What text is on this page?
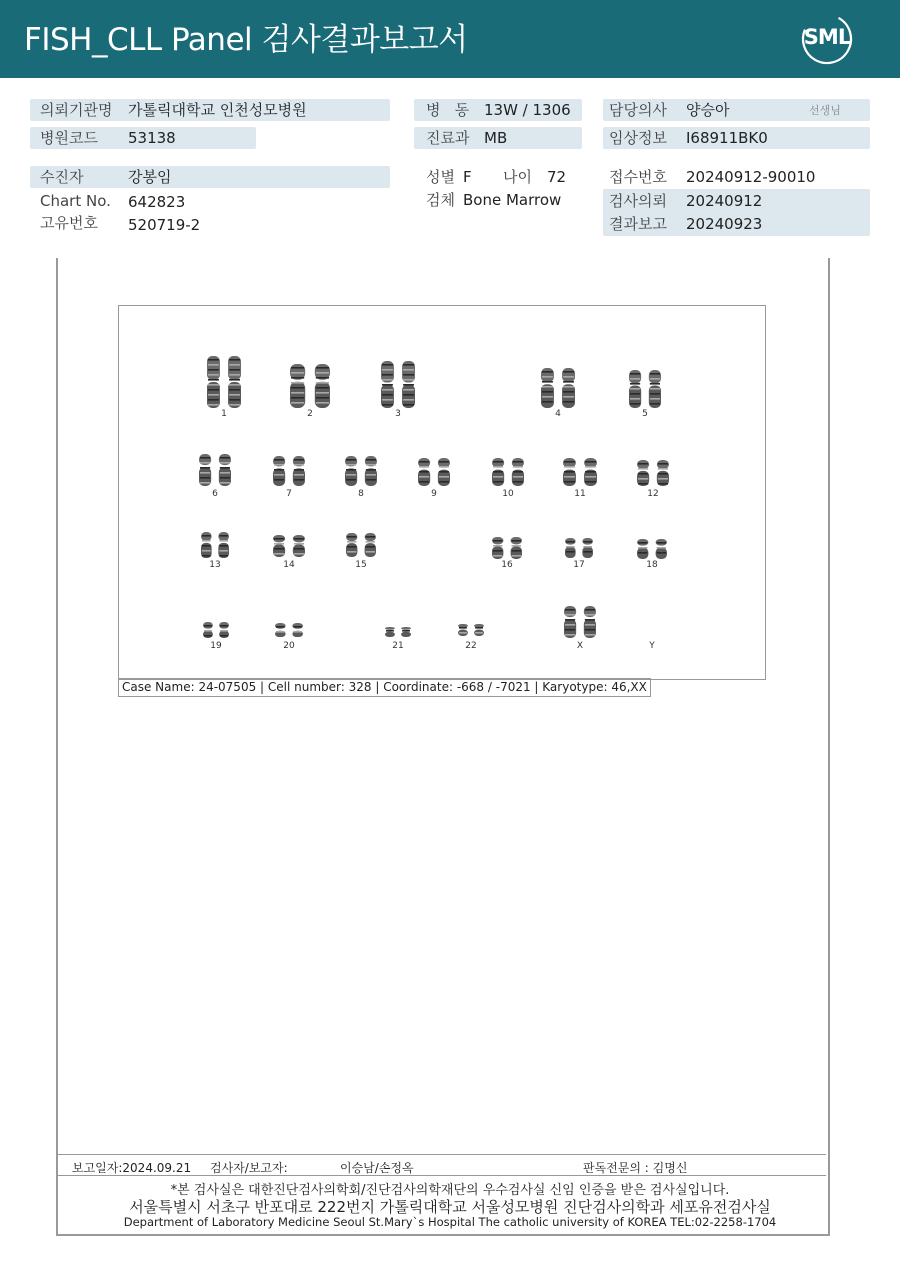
FISH_CLL Panel 검사결과보고서	SML
의뢰기관명 가톨릭대학교 인천성모병원
병원코드 53138
병   동 13W / 1306
진료과 MB
담당의사 양승아	선생님
임상정보 I68911BK0
수진자	강봉임
Chart No. 642823
고유번호 520719-2
성별 F 나이 72
검체 Bone Marrow
접수번호 20240912-90010
검사의뢰 20240912
결과보고 20240923
1	2	3	4	5
6	7	8	9	10	11	12
13	14	15	16	17	18
19	20	21	22	X	Y
Case Name: 24-07505 | Cell number: 328 | Coordinate: -668 / -7021 | Karyotype: 46,XX
보고일자:2024.09.21 검사자/보고자:	이승남/손정옥	판독전문의 : 김명신
*본 검사실은 대한진단검사의학회/진단검사의학재단의 우수검사실 신임 인증을 받은 검사실입니다.
서울특별시 서초구 반포대로 222번지 가톨릭대학교 서울성모병원 진단검사의학과 세포유전검사실
Department of Laboratory Medicine Seoul St.Mary`s Hospital The catholic university of KOREA TEL:02-2258-1704
